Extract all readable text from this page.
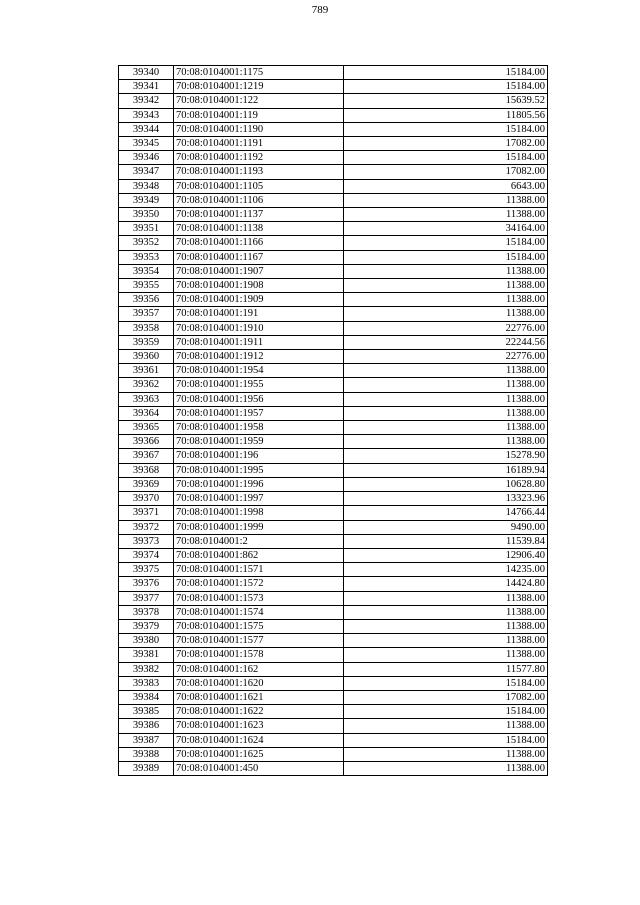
789
39340	70:08:0104001:1175	15184.00
39341	70:08:0104001:1219	15184.00
39342	70:08:0104001:122	15639.52
39343	70:08:0104001:119	11805.56
39344	70:08:0104001:1190	15184.00
39345	70:08:0104001:1191	17082.00
39346	70:08:0104001:1192	15184.00
39347	70:08:0104001:1193	17082.00
39348	70:08:0104001:1105	6643.00
39349	70:08:0104001:1106	11388.00
39350	70:08:0104001:1137	11388.00
39351	70:08:0104001:1138	34164.00
39352	70:08:0104001:1166	15184.00
39353	70:08:0104001:1167	15184.00
39354	70:08:0104001:1907	11388.00
39355	70:08:0104001:1908	11388.00
39356	70:08:0104001:1909	11388.00
39357	70:08:0104001:191	11388.00
39358	70:08:0104001:1910	22776.00
39359	70:08:0104001:1911	22244.56
39360	70:08:0104001:1912	22776.00
39361	70:08:0104001:1954	11388.00
39362	70:08:0104001:1955	11388.00
39363	70:08:0104001:1956	11388.00
39364	70:08:0104001:1957	11388.00
39365	70:08:0104001:1958	11388.00
39366	70:08:0104001:1959	11388.00
39367	70:08:0104001:196	15278.90
39368	70:08:0104001:1995	16189.94
39369	70:08:0104001:1996	10628.80
39370	70:08:0104001:1997	13323.96
39371	70:08:0104001:1998	14766.44
39372	70:08:0104001:1999	9490.00
39373	70:08:0104001:2	11539.84
39374	70:08:0104001:862	12906.40
39375	70:08:0104001:1571	14235.00
39376	70:08:0104001:1572	14424.80
39377	70:08:0104001:1573	11388.00
39378	70:08:0104001:1574	11388.00
39379	70:08:0104001:1575	11388.00
39380	70:08:0104001:1577	11388.00
39381	70:08:0104001:1578	11388.00
39382	70:08:0104001:162	11577.80
39383	70:08:0104001:1620	15184.00
39384	70:08:0104001:1621	17082.00
39385	70:08:0104001:1622	15184.00
39386	70:08:0104001:1623	11388.00
39387	70:08:0104001:1624	15184.00
39388	70:08:0104001:1625	11388.00
39389	70:08:0104001:450	11388.00
